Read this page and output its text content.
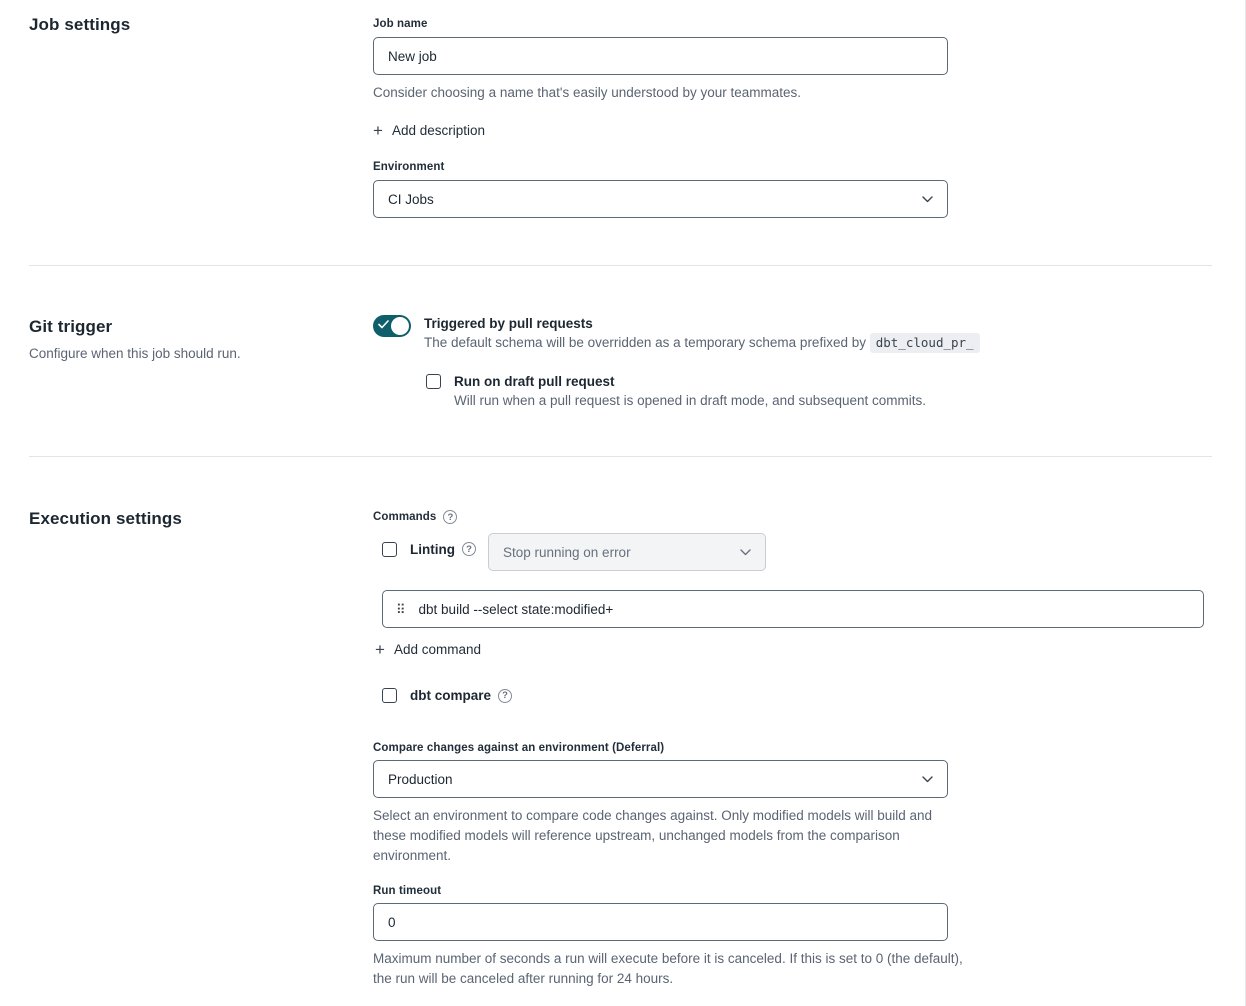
Job settings	Job name
New job

Consider choosing a name that's easily understood by your teammates.

+ Add description
Environment
CI Jobs
Git trigger

Configure when this job should run.

Triggered by pull requests
The default schema will be overridden as a temporary schema prefixed by dbt_cloud_pr_
Run on draft pull request
Will run when a pull request is opened in draft mode, and subsequent commits.
Execution settings	Commands	?
Linting	?	Stop running on error
⠿ dbt build --select state:modified+
+ Add command
dbt compare	?
Compare changes against an environment (Deferral)
Production

Select an environment to compare code changes against. Only modified models will build and these modified models will reference upstream, unchanged models from the comparison environment.

Run timeout
0

Maximum number of seconds a run will execute before it is canceled. If this is set to 0 (the default), the run will be canceled after running for 24 hours.
